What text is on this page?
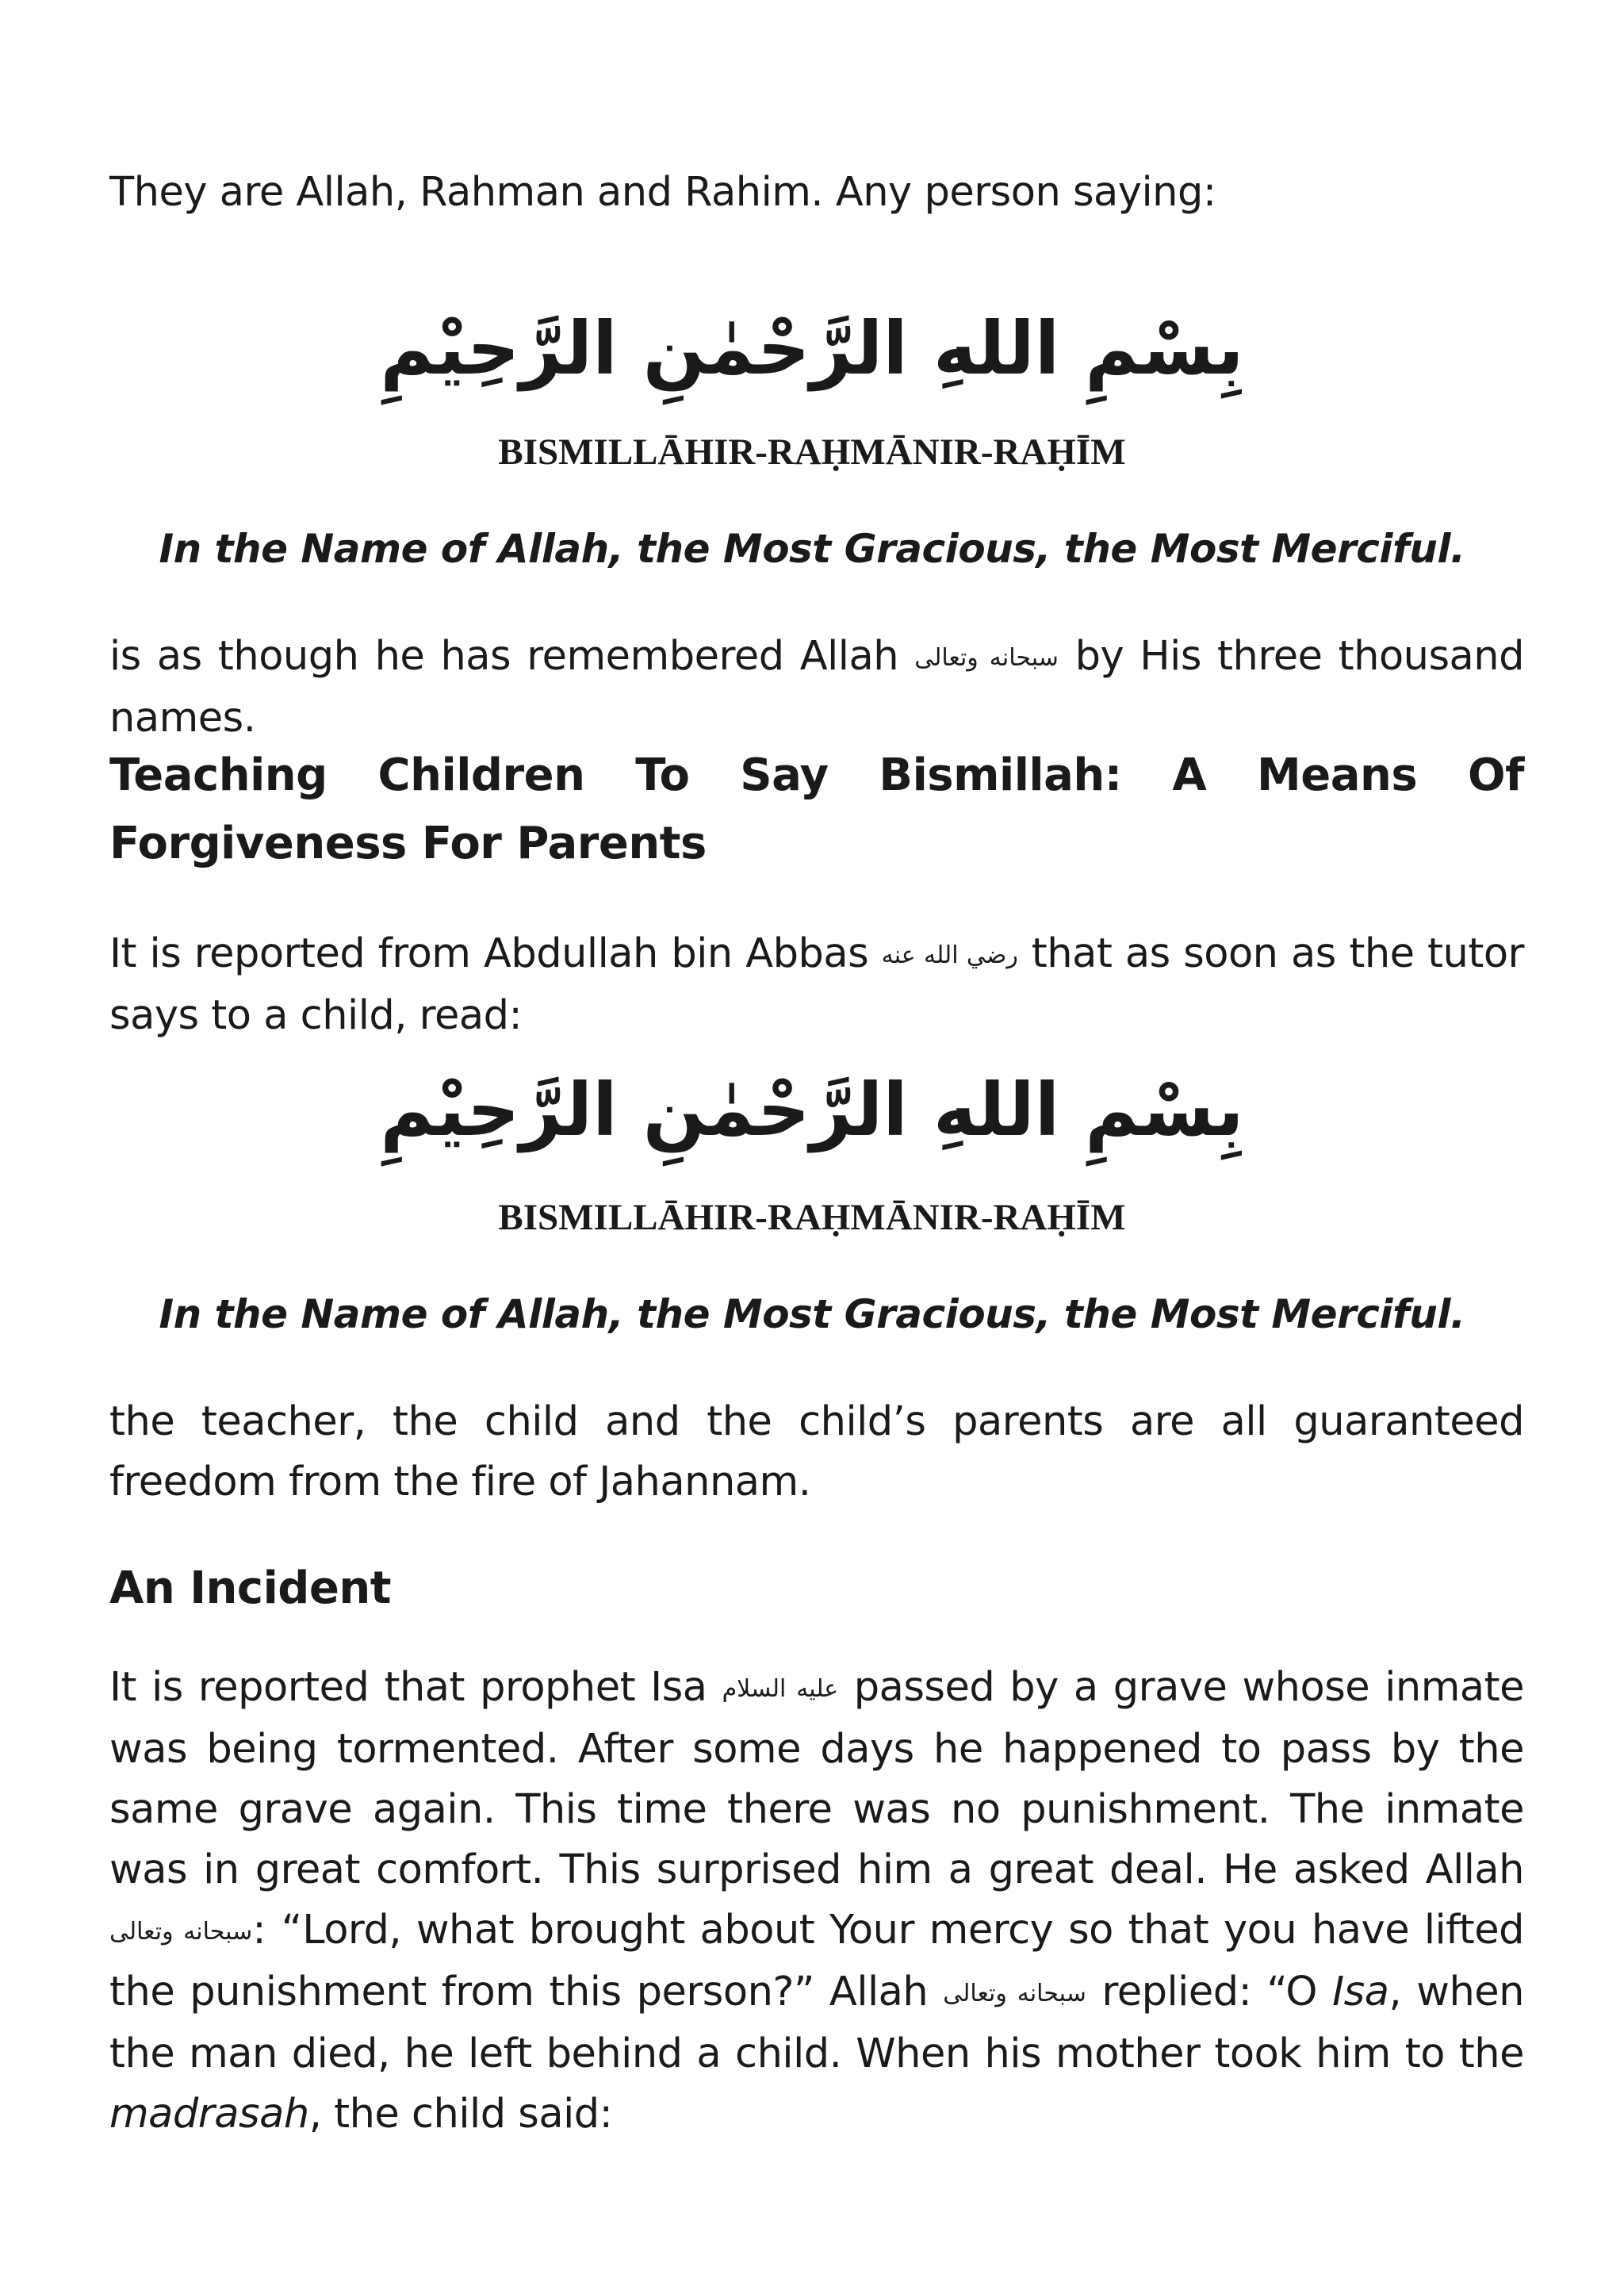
They are Allah, Rahman and Rahim. Any person saying:

بِسْمِ اللهِ الرَّحْمٰنِ الرَّحِيْمِ

BISMILLĀHIR-RAḤMĀNIR-RAḤĪM

In the Name of Allah, the Most Gracious, the Most Merciful.

is as though he has remembered Allah سبحانه وتعالى by His three thousand names.

Teaching Children To Say Bismillah: A Means Of Forgiveness For Parents

It is reported from Abdullah bin Abbas رضي الله عنه that as soon as the tutor says to a child, read:

بِسْمِ اللهِ الرَّحْمٰنِ الرَّحِيْمِ

BISMILLĀHIR-RAḤMĀNIR-RAḤĪM

In the Name of Allah, the Most Gracious, the Most Merciful.

the teacher, the child and the child’s parents are all guaranteed freedom from the fire of Jahannam.

An Incident

It is reported that prophet Isa عليه السلام passed by a grave whose inmate was being tormented. After some days he happened to pass by the same grave again. This time there was no punishment. The inmate was in great comfort. This surprised him a great deal. He asked Allah سبحانه وتعالى: “Lord, what brought about Your mercy so that you have lifted the punishment from this person?” Allah سبحانه وتعالى replied: “O Isa, when the man died, he left behind a child. When his mother took him to the madrasah, the child said:
